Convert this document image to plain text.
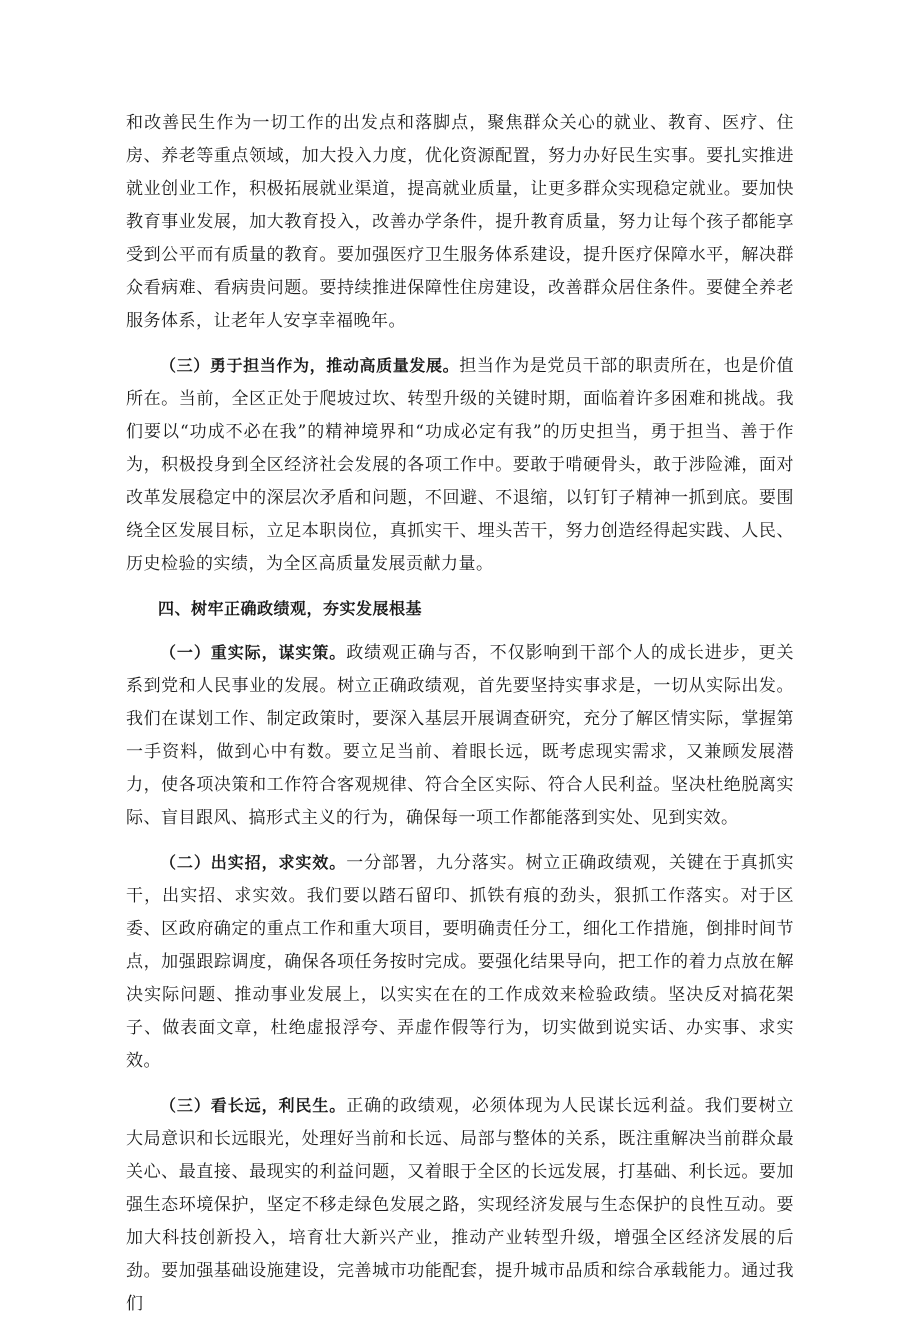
和改善民生作为一切工作的出发点和落脚点，聚焦群众关心的就业、教育、医疗、住房、养老等重点领域，加大投入力度，优化资源配置，努力办好民生实事。要扎实推进就业创业工作，积极拓展就业渠道，提高就业质量，让更多群众实现稳定就业。要加快教育事业发展，加大教育投入，改善办学条件，提升教育质量，努力让每个孩子都能享受到公平而有质量的教育。要加强医疗卫生服务体系建设，提升医疗保障水平，解决群众看病难、看病贵问题。要持续推进保障性住房建设，改善群众居住条件。要健全养老服务体系，让老年人安享幸福晚年。

（三）勇于担当作为，推动高质量发展。担当作为是党员干部的职责所在，也是价值所在。当前，全区正处于爬坡过坎、转型升级的关键时期，面临着许多困难和挑战。我们要以“功成不必在我”的精神境界和“功成必定有我”的历史担当，勇于担当、善于作为，积极投身到全区经济社会发展的各项工作中。要敢于啃硬骨头，敢于涉险滩，面对改革发展稳定中的深层次矛盾和问题，不回避、不退缩，以钉钉子精神一抓到底。要围绕全区发展目标，立足本职岗位，真抓实干、埋头苦干，努力创造经得起实践、人民、历史检验的实绩，为全区高质量发展贡献力量。

四、树牢正确政绩观，夯实发展根基

（一）重实际，谋实策。政绩观正确与否，不仅影响到干部个人的成长进步，更关系到党和人民事业的发展。树立正确政绩观，首先要坚持实事求是，一切从实际出发。我们在谋划工作、制定政策时，要深入基层开展调查研究，充分了解区情实际，掌握第一手资料，做到心中有数。要立足当前、着眼长远，既考虑现实需求，又兼顾发展潜力，使各项决策和工作符合客观规律、符合全区实际、符合人民利益。坚决杜绝脱离实际、盲目跟风、搞形式主义的行为，确保每一项工作都能落到实处、见到实效。

（二）出实招，求实效。一分部署，九分落实。树立正确政绩观，关键在于真抓实干，出实招、求实效。我们要以踏石留印、抓铁有痕的劲头，狠抓工作落实。对于区委、区政府确定的重点工作和重大项目，要明确责任分工，细化工作措施，倒排时间节点，加强跟踪调度，确保各项任务按时完成。要强化结果导向，把工作的着力点放在解决实际问题、推动事业发展上，以实实在在的工作成效来检验政绩。坚决反对搞花架子、做表面文章，杜绝虚报浮夸、弄虚作假等行为，切实做到说实话、办实事、求实效。

（三）看长远，利民生。正确的政绩观，必须体现为人民谋长远利益。我们要树立大局意识和长远眼光，处理好当前和长远、局部与整体的关系，既注重解决当前群众最关心、最直接、最现实的利益问题，又着眼于全区的长远发展，打基础、利长远。要加强生态环境保护，坚定不移走绿色发展之路，实现经济发展与生态保护的良性互动。要加大科技创新投入，培育壮大新兴产业，推动产业转型升级，增强全区经济发展的后劲。要加强基础设施建设，完善城市功能配套，提升城市品质和综合承载能力。通过我们
